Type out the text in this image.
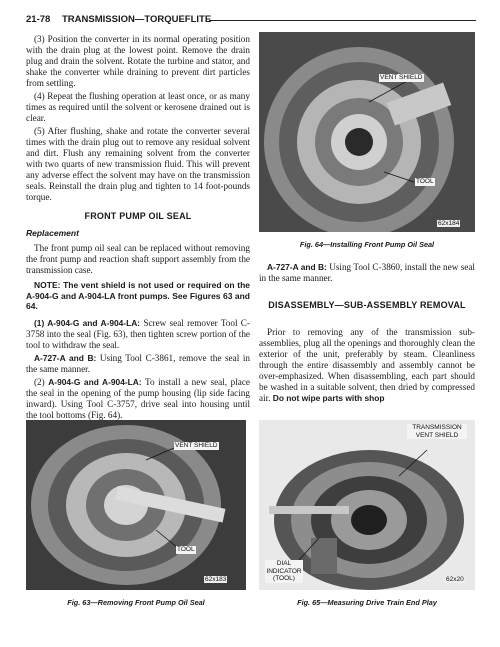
21-78 TRANSMISSION—TORQUEFLITE

(3) Position the converter in its normal operating position with the drain plug at the lowest point. Remove the drain plug and drain the solvent. Rotate the turbine and stator, and shake the converter while draining to prevent dirt particles from settling.

(4) Repeat the flushing operation at least once, or as many times as required until the solvent or kerosene drained out is clear.

(5) After flushing, shake and rotate the converter several times with the drain plug out to remove any residual solvent and dirt. Flush any remaining solvent from the converter with two quarts of new transmission fluid. This will prevent any adverse effect the solvent may have on the transmission seals. Reinstall the drain plug and tighten to 14 foot-pounds torque.

FRONT PUMP OIL SEAL
Replacement

The front pump oil seal can be replaced without removing the front pump and reaction shaft support assembly from the transmission case.

NOTE: The vent shield is not used or required on the A-904-G and A-904-LA front pumps. See Figures 63 and 64.

(1) A-904-G and A-904-LA: Screw seal remover Tool C-3758 into the seal (Fig. 63), then tighten screw portion of the tool to withdraw the seal.

A-727-A and B: Using Tool C-3861, remove the seal in the same manner.

(2) A-904-G and A-904-LA: To install a new seal, place the seal in the opening of the pump housing (lip side facing inward). Using Tool C-3757, drive seal into housing until the tool bottoms (Fig. 64).

VENT SHIELD
TOOL
62x184
Fig. 64—Installing Front Pump Oil Seal

A-727-A and B: Using Tool C-3860, install the new seal in the same manner.

DISASSEMBLY—SUB-ASSEMBLY REMOVAL

Prior to removing any of the transmission sub-assemblies, plug all the openings and thoroughly clean the exterior of the unit, preferably by steam. Cleanliness through the entire disassembly and assembly cannot be over-emphasized. When disassembling, each part should be washed in a suitable solvent, then dried by compressed air. Do not wipe parts with shop

VENT SHIELD
TOOL
62x183
Fig. 63—Removing Front Pump Oil Seal
TRANSMISSION VENT SHIELD
DIAL INDICATOR (TOOL)	62x20
Fig. 65—Measuring Drive Train End Play
